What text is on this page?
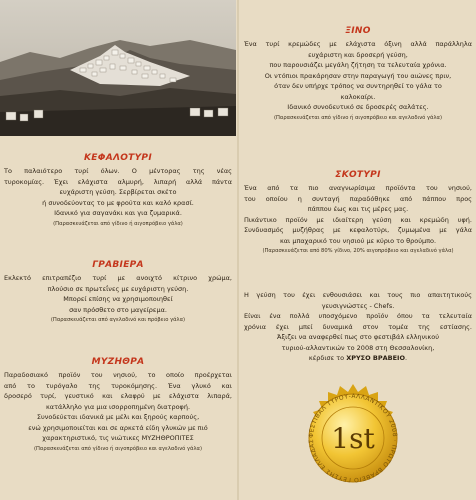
ΚΕΦΑΛΟΤΥΡΙ
Το παλαιότερο τυρί όλων. Ο μέντορας της νέας
τυροκομίας. Έχει ελάχιστα αλμυρή, λιπαρή αλλά πάντα
ευχάριστη γεύση. Σερβίρεται σκέτο
ή συνοδεύοντας το με φρούτα και καλό κρασί.
Ιδανικό για σαγανάκι και για ζυμαρικά.
(Παρασκευάζεται από γίδινο ή αιγοπρόβειο γάλα)
ΓΡΑΒΙΕΡΑ
Εκλεκτό επιτραπέζιο τυρί με ανοιχτό κίτρινο χρώμα,
πλούσιο σε πρωτεΐνες με ευχάριστη γεύση.
Μπορεί επίσης να χρησιμοποιηθεί
σαν πρόσθετο στο μαγείρεμα.
(Παρασκευάζεται από αγελαδινό και πρόβειο γάλα)
ΜΥΖΗΘΡΑ
Παραδοσιακό προϊόν του νησιού, το οποίο προέρχεται
από το τυρόγαλο της τυροκόμησης. Ένα γλυκό και
δροσερό τυρί, γευστικό και ελαφρύ με ελάχιστα λιπαρά,
κατάλληλο για μια ισορροπημένη διατροφή.
Συνοδεύεται ιδανικά με μέλι και ξηρούς καρπούς,
ενώ χρησιμοποιείται και σε αρκετά είδη γλυκών με πιό
χαρακτηριστικό, τις νιώτικες ΜΥΖΗΘΡΟΠΙΤΕΣ
(Παρασκευάζεται από γίδινο ή αιγοπρόβειο και αγελαδινό γάλα)
ΞΙΝΟ
Ένα τυρί κρεμώδες με ελάχιστα όξινη αλλά παράλληλα
ευχάριστη και δροσερή γεύση,
που παρουσιάζει μεγάλη ζήτηση τα τελευταία χρόνια.
Οι ντόπιοι πρακάρησαν στην παραγωγή του αιώνες πριν,
όταν δεν υπήρχε τρόπος να συντηρηθεί το γάλα το
καλοκαίρι.
Ιδανικό συνοδευτικό σε δροσερές σαλάτες.
(Παρασκευάζεται από γίδινο ή αιγοπρόβειο και αγελαδινό γάλα)
ΣΚΟΤΥΡΙ
Ένα από τα πιο αναγνωρίσιμα προϊόντα του νησιού,
του οποίου η συνταγή παραδόθηκε από πάππου προς
πάππου έως και τις μέρες μας.
Πικάντικο προϊόν με ιδιαίτερη γεύση και κρεμώδη υφή.
Συνδυασμός μυζήθρας με κεφαλοτύρι, ζυμωμένα με γάλα
και μπαχαρικό του νησιού με κύριο το θρούμπο.
(Παρασκευάζεται από 80% γίδινο, 20% αιγοπρόβειο και αγελαδινό γάλα)
Η γεύση του έχει ενθουσιάσει και τους πιο απαιτητικούς
γευσιγνώστες - Chefs.
Είναι ένα πολλά υποσχόμενο προϊόν όπου τα τελευταία
χρόνια έχει μπεί δυναμικά στον τομέα της εστίασης.
Άξιζει να αναφερθεί πως στο φεστιβάλ ελληνικού
τυριού-αλλαντικών το 2008 στη Θεσσαλονίκη,
κέρδισε το ΧΡΥΣΟ ΒΡΑΒΕΙΟ.
ΦΕΣΤΙΒΑΛ ΤΥΡΟΥ-ΑΛΛΑΝΤΙΚΟΥ 2008 · ΠΡΩΤΟ ΒΡΑΒΕΙΟ ΓΕΥΣΗΣ ΕΛΛΑΔΑΣ 1st
